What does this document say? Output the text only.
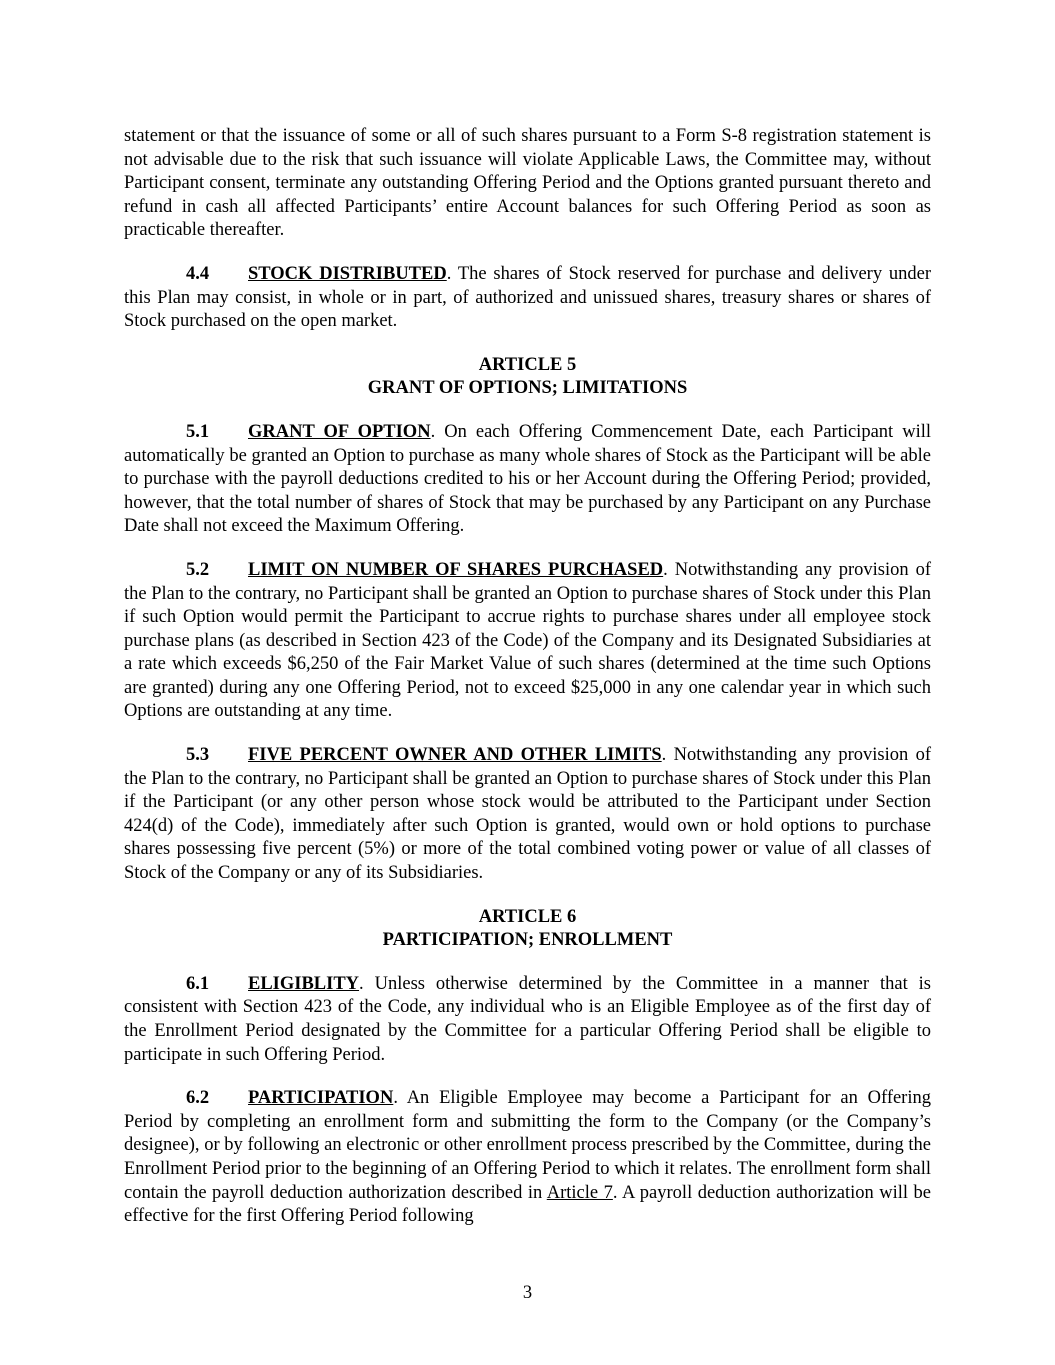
statement or that the issuance of some or all of such shares pursuant to a Form S-8 registration statement is not advisable due to the risk that such issuance will violate Applicable Laws, the Committee may, without Participant consent, terminate any outstanding Offering Period and the Options granted pursuant thereto and refund in cash all affected Participants’ entire Account balances for such Offering Period as soon as practicable thereafter.

4.4 STOCK DISTRIBUTED. The shares of Stock reserved for purchase and delivery under this Plan may consist, in whole or in part, of authorized and unissued shares, treasury shares or shares of Stock purchased on the open market.

ARTICLE 5
GRANT OF OPTIONS; LIMITATIONS

5.1 GRANT OF OPTION. On each Offering Commencement Date, each Participant will automatically be granted an Option to purchase as many whole shares of Stock as the Participant will be able to purchase with the payroll deductions credited to his or her Account during the Offering Period; provided, however, that the total number of shares of Stock that may be purchased by any Participant on any Purchase Date shall not exceed the Maximum Offering.

5.2 LIMIT ON NUMBER OF SHARES PURCHASED. Notwithstanding any provision of the Plan to the contrary, no Participant shall be granted an Option to purchase shares of Stock under this Plan if such Option would permit the Participant to accrue rights to purchase shares under all employee stock purchase plans (as described in Section 423 of the Code) of the Company and its Designated Subsidiaries at a rate which exceeds $6,250 of the Fair Market Value of such shares (determined at the time such Options are granted) during any one Offering Period, not to exceed $25,000 in any one calendar year in which such Options are outstanding at any time.

5.3 FIVE PERCENT OWNER AND OTHER LIMITS. Notwithstanding any provision of the Plan to the contrary, no Participant shall be granted an Option to purchase shares of Stock under this Plan if the Participant (or any other person whose stock would be attributed to the Participant under Section 424(d) of the Code), immediately after such Option is granted, would own or hold options to purchase shares possessing five percent (5%) or more of the total combined voting power or value of all classes of Stock of the Company or any of its Subsidiaries.

ARTICLE 6
PARTICIPATION; ENROLLMENT

6.1 ELIGIBLITY. Unless otherwise determined by the Committee in a manner that is consistent with Section 423 of the Code, any individual who is an Eligible Employee as of the first day of the Enrollment Period designated by the Committee for a particular Offering Period shall be eligible to participate in such Offering Period.

6.2 PARTICIPATION. An Eligible Employee may become a Participant for an Offering Period by completing an enrollment form and submitting the form to the Company (or the Company’s designee), or by following an electronic or other enrollment process prescribed by the Committee, during the Enrollment Period prior to the beginning of an Offering Period to which it relates. The enrollment form shall contain the payroll deduction authorization described in Article 7. A payroll deduction authorization will be effective for the first Offering Period following

3
